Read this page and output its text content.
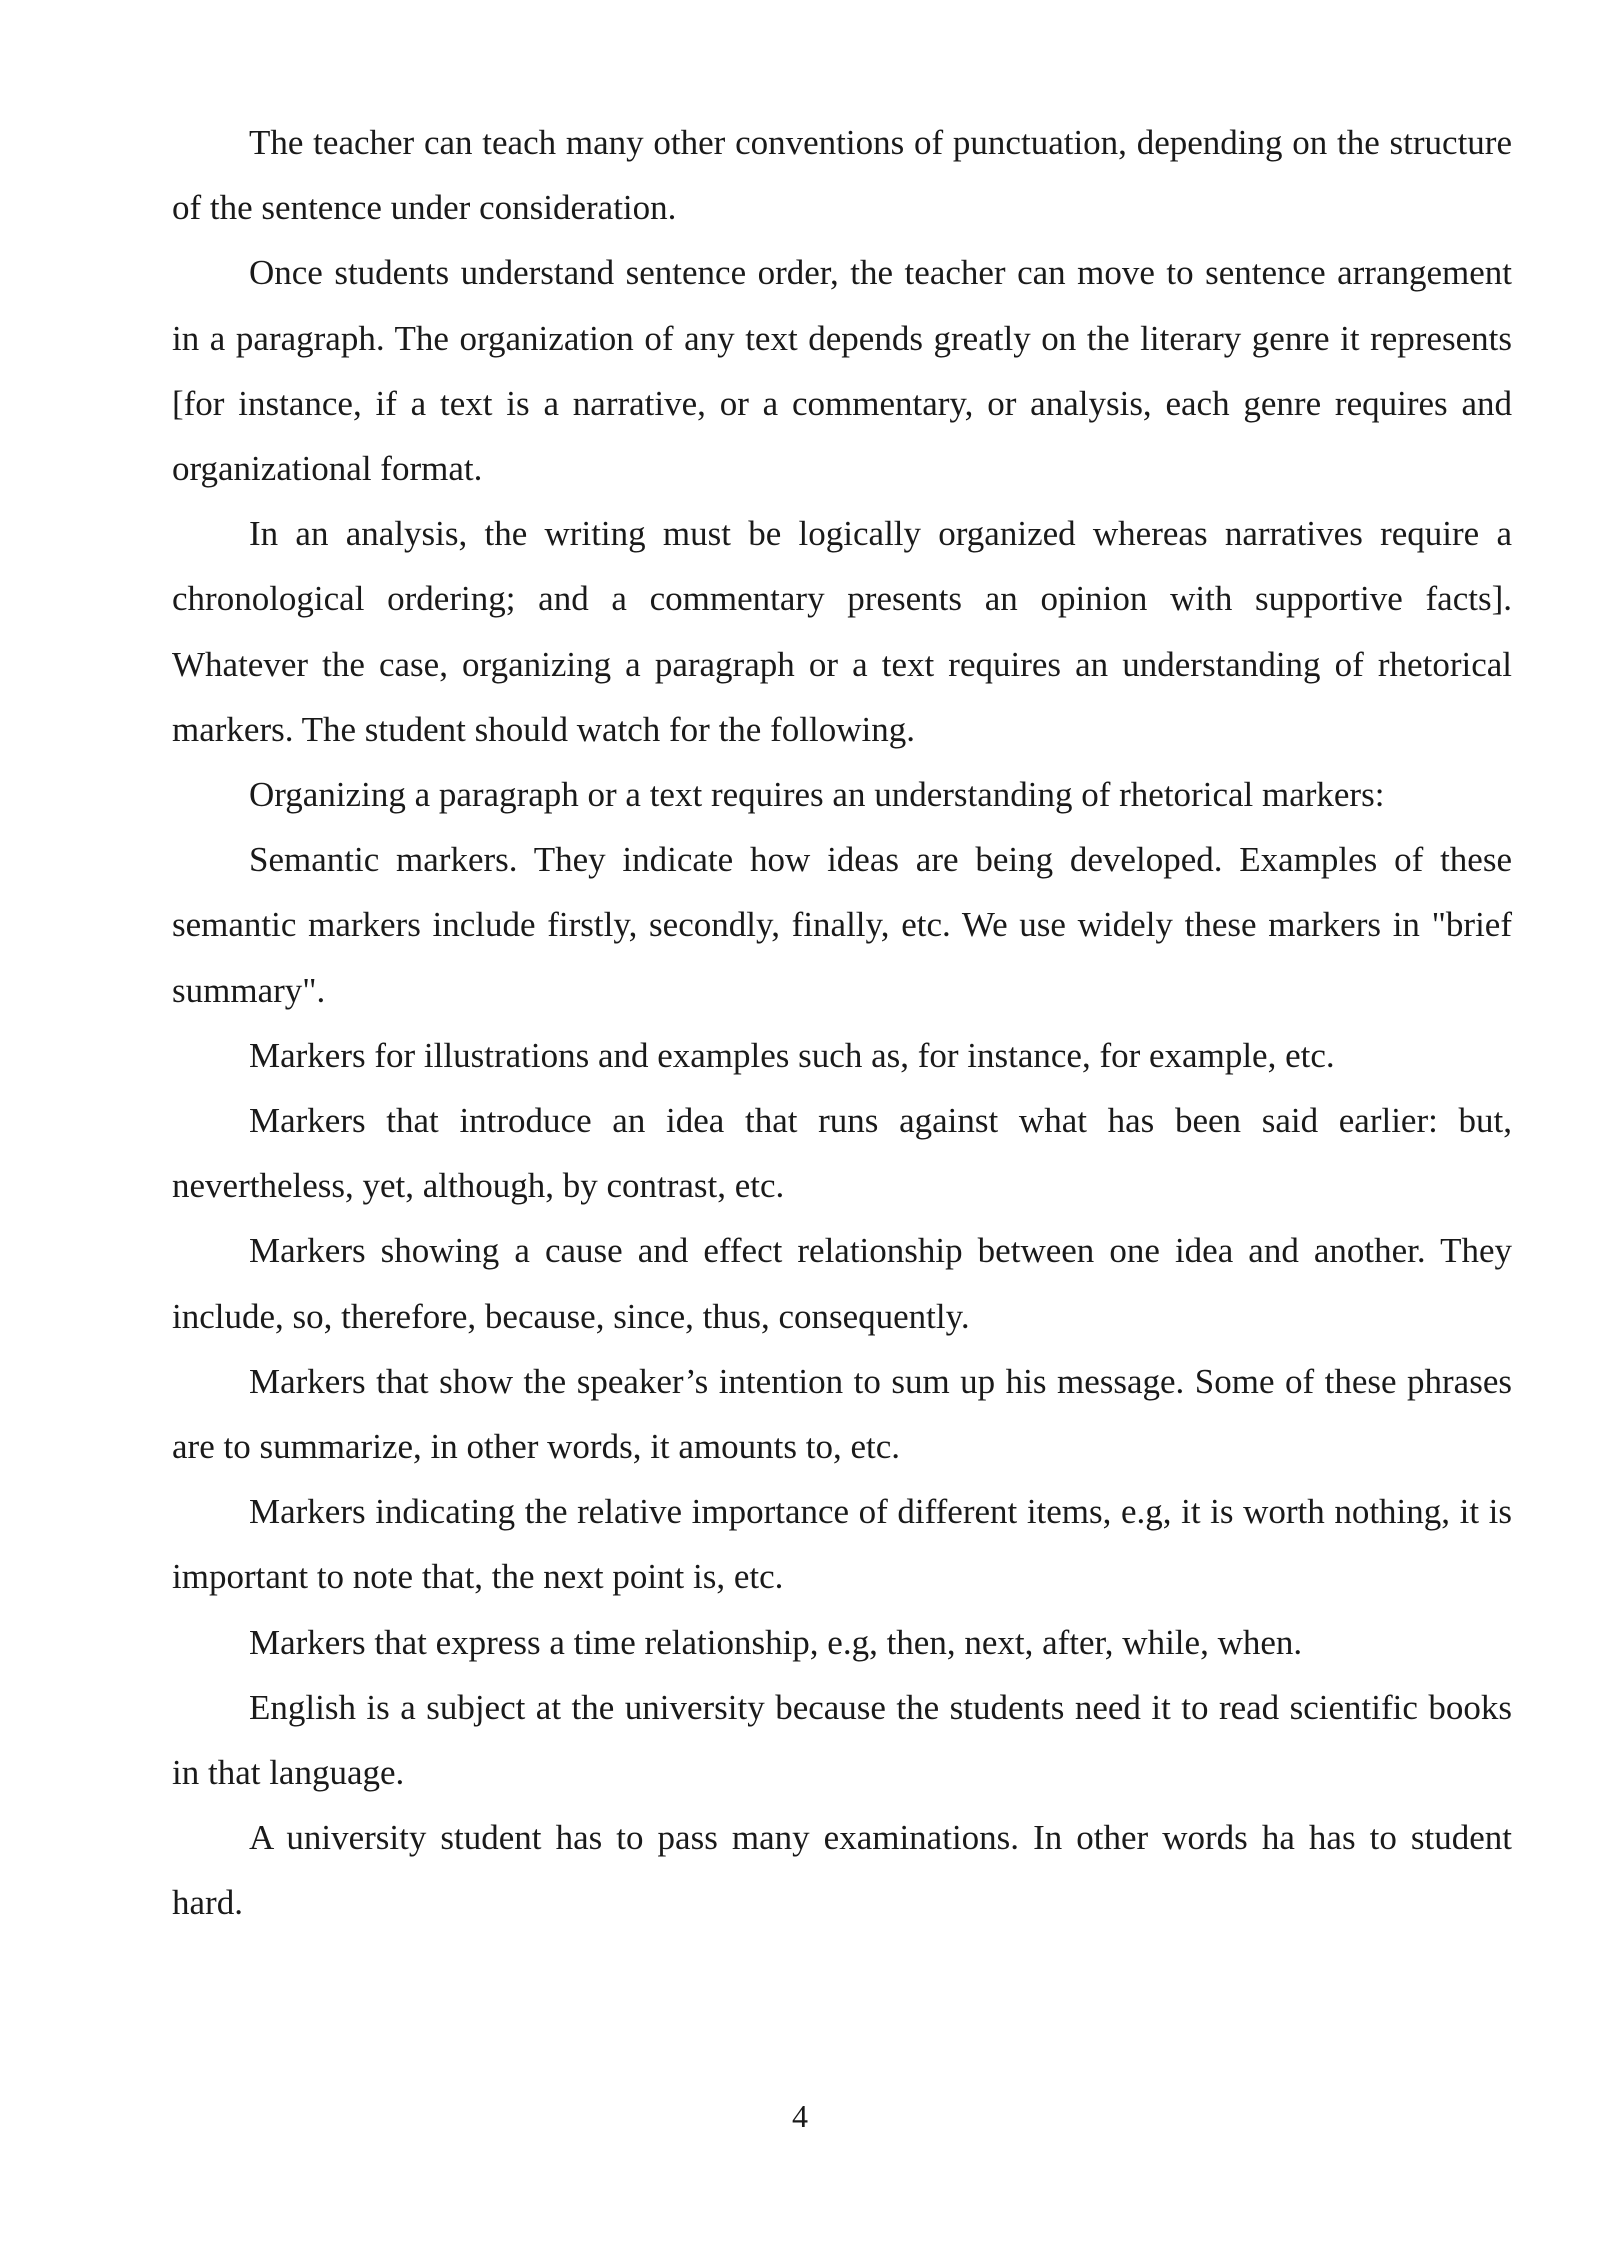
The teacher can teach many other conventions of punctuation, depending on the structure of the sentence under consideration.

Once students understand sentence order, the teacher can move to sentence arrangement in a paragraph. The organization of any text depends greatly on the literary genre it represents [for instance, if a text is a narrative, or a commentary, or analysis, each genre requires and organizational format.

In an analysis, the writing must be logically organized whereas narratives require a chronological ordering; and a commentary presents an opinion with supportive facts]. Whatever the case, organizing a paragraph or a text requires an understanding of rhetorical markers. The student should watch for the following.

Organizing a paragraph or a text requires an understanding of rhetorical markers:

Semantic markers. They indicate how ideas are being developed. Examples of these semantic markers include firstly, secondly, finally, etc. We use widely these markers in "brief summary".

Markers for illustrations and examples such as, for instance, for example, etc.

Markers that introduce an idea that runs against what has been said earlier: but, nevertheless, yet, although, by contrast, etc.

Markers showing a cause and effect relationship between one idea and another. They include, so, therefore, because, since, thus, consequently.

Markers that show the speaker’s intention to sum up his message. Some of these phrases are to summarize, in other words, it amounts to, etc.

Markers indicating the relative importance of different items, e.g, it is worth nothing, it is important to note that, the next point is, etc.

Markers that express a time relationship, e.g, then, next, after, while, when.

English is a subject at the university because the students need it to read scientific books in that language.

A university student has to pass many examinations. In other words ha has to student hard.

4
